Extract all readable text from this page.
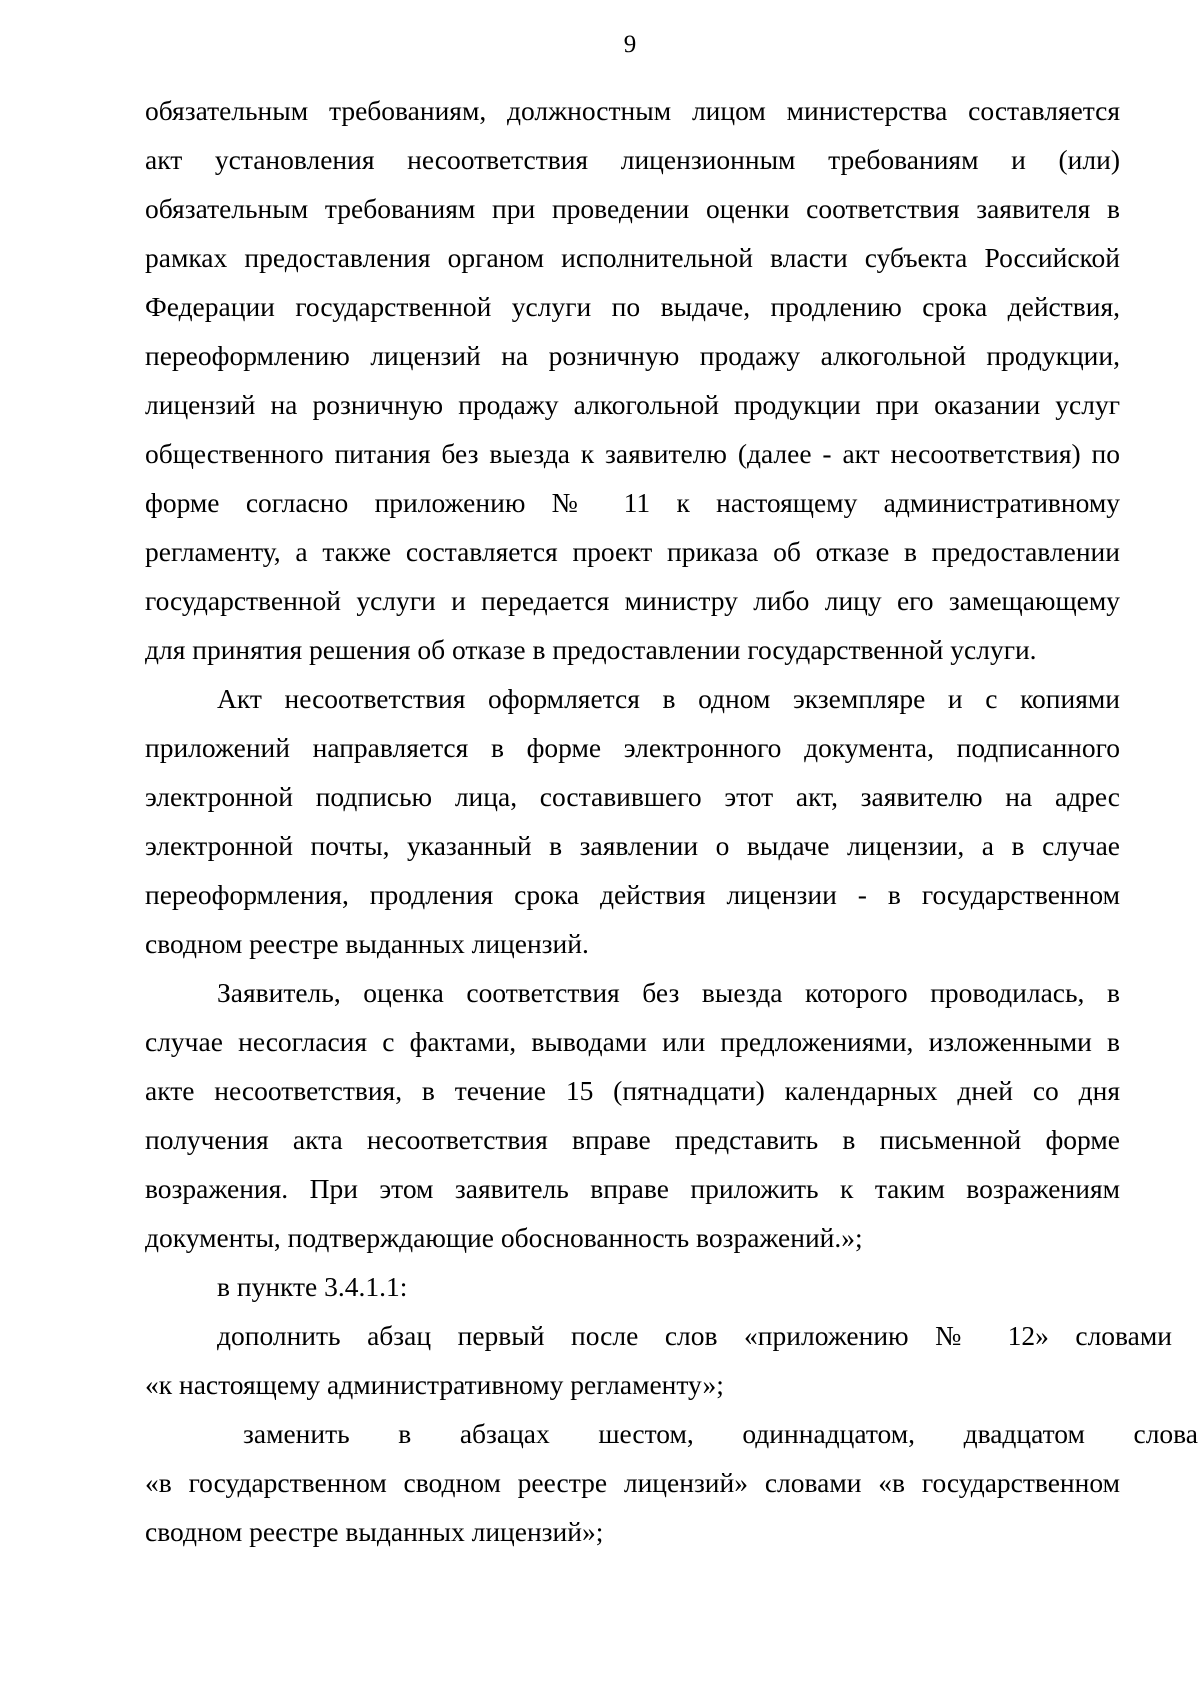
9
обязательным требованиям, должностным лицом министерства составляется
акт установления несоответствия лицензионным требованиям и (или)
обязательным требованиям при проведении оценки соответствия заявителя в
рамках предоставления органом исполнительной власти субъекта Российской
Федерации государственной услуги по выдаче, продлению срока действия,
переоформлению лицензий на розничную продажу алкогольной продукции,
лицензий на розничную продажу алкогольной продукции при оказании услуг
общественного питания без выезда к заявителю (далее - акт несоответствия) по
форме согласно приложению № 11 к настоящему административному
регламенту, а также составляется проект приказа об отказе в предоставлении
государственной услуги и передается министру либо лицу его замещающему
для принятия решения об отказе в предоставлении государственной услуги.
Акт несоответствия оформляется в одном экземпляре и с копиями
приложений направляется в форме электронного документа, подписанного
электронной подписью лица, составившего этот акт, заявителю на адрес
электронной почты, указанный в заявлении о выдаче лицензии, а в случае
переоформления, продления срока действия лицензии - в государственном
сводном реестре выданных лицензий.
Заявитель, оценка соответствия без выезда которого проводилась, в
случае несогласия с фактами, выводами или предложениями, изложенными в
акте несоответствия, в течение 15 (пятнадцати) календарных дней со дня
получения акта несоответствия вправе представить в письменной форме
возражения. При этом заявитель вправе приложить к таким возражениям
документы, подтверждающие обоснованность возражений.»;
в пункте 3.4.1.1:
дополнить абзац первый после слов «приложению № 12» словами
«к настоящему административному регламенту»;
заменить в абзацах шестом, одиннадцатом, двадцатом слова
«в государственном сводном реестре лицензий» словами «в государственном
сводном реестре выданных лицензий»;
